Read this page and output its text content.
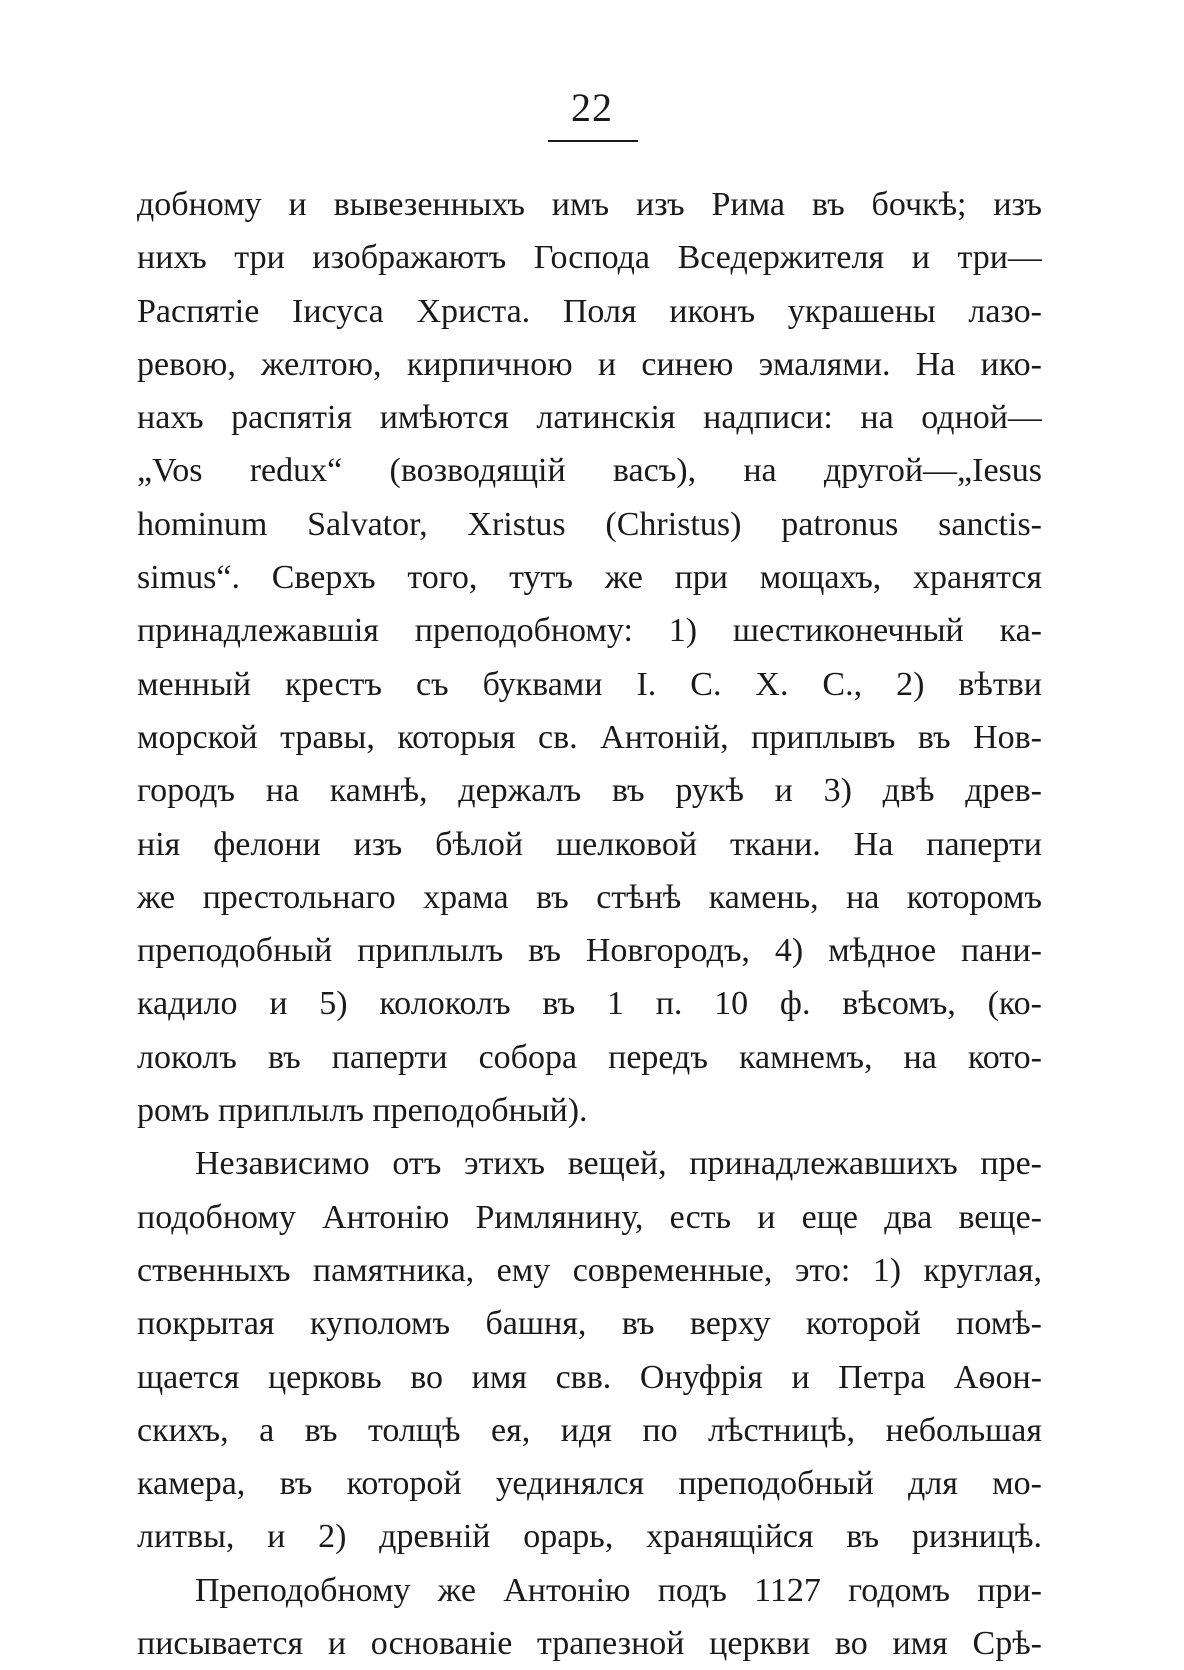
22
добному и вывезенныхъ имъ изъ Рима въ бочкѣ; изъ
нихъ три изображаютъ Господа Вседержителя и три—
Распятіе Іисуса Христа. Поля иконъ украшены лазо-
ревою, желтою, кирпичною и синею эмалями. На ико-
нахъ распятія имѣются латинскія надписи: на одной—
„Vos redux“ (возводящій васъ), на другой—„Iesus
hominum Salvator, Xristus (Christus) patronus sanctis-
simus“. Сверхъ того, тутъ же при мощахъ, хранятся
принадлежавшія преподобному: 1) шестиконечный ка-
менный крестъ съ буквами І. С. Х. С., 2) вѣтви
морской травы, которыя св. Антоній, приплывъ въ Нов-
городъ на камнѣ, держалъ въ рукѣ и 3) двѣ древ-
нія фелони изъ бѣлой шелковой ткани. На паперти
же престольнаго храма въ стѣнѣ камень, на которомъ
преподобный приплылъ въ Новгородъ, 4) мѣдное пани-
кадило и 5) колоколъ въ 1 п. 10 ф. вѣсомъ, (ко-
локолъ въ паперти собора передъ камнемъ, на кото-
ромъ приплылъ преподобный).
Независимо отъ этихъ вещей, принадлежавшихъ пре-
подобному Антонію Римлянину, есть и еще два веще-
ственныхъ памятника, ему современные, это: 1) круглая,
покрытая куполомъ башня, въ верху которой помѣ-
щается церковь во имя свв. Онуфрія и Петра Аѳон-
скихъ, а въ толщѣ ея, идя по лѣстницѣ, небольшая
камера, въ которой уединялся преподобный для мо-
литвы, и 2) древній орарь, хранящійся въ ризницѣ.
Преподобному же Антонію подъ 1127 годомъ при-
писывается и основаніе трапезной церкви во имя Срѣ-
